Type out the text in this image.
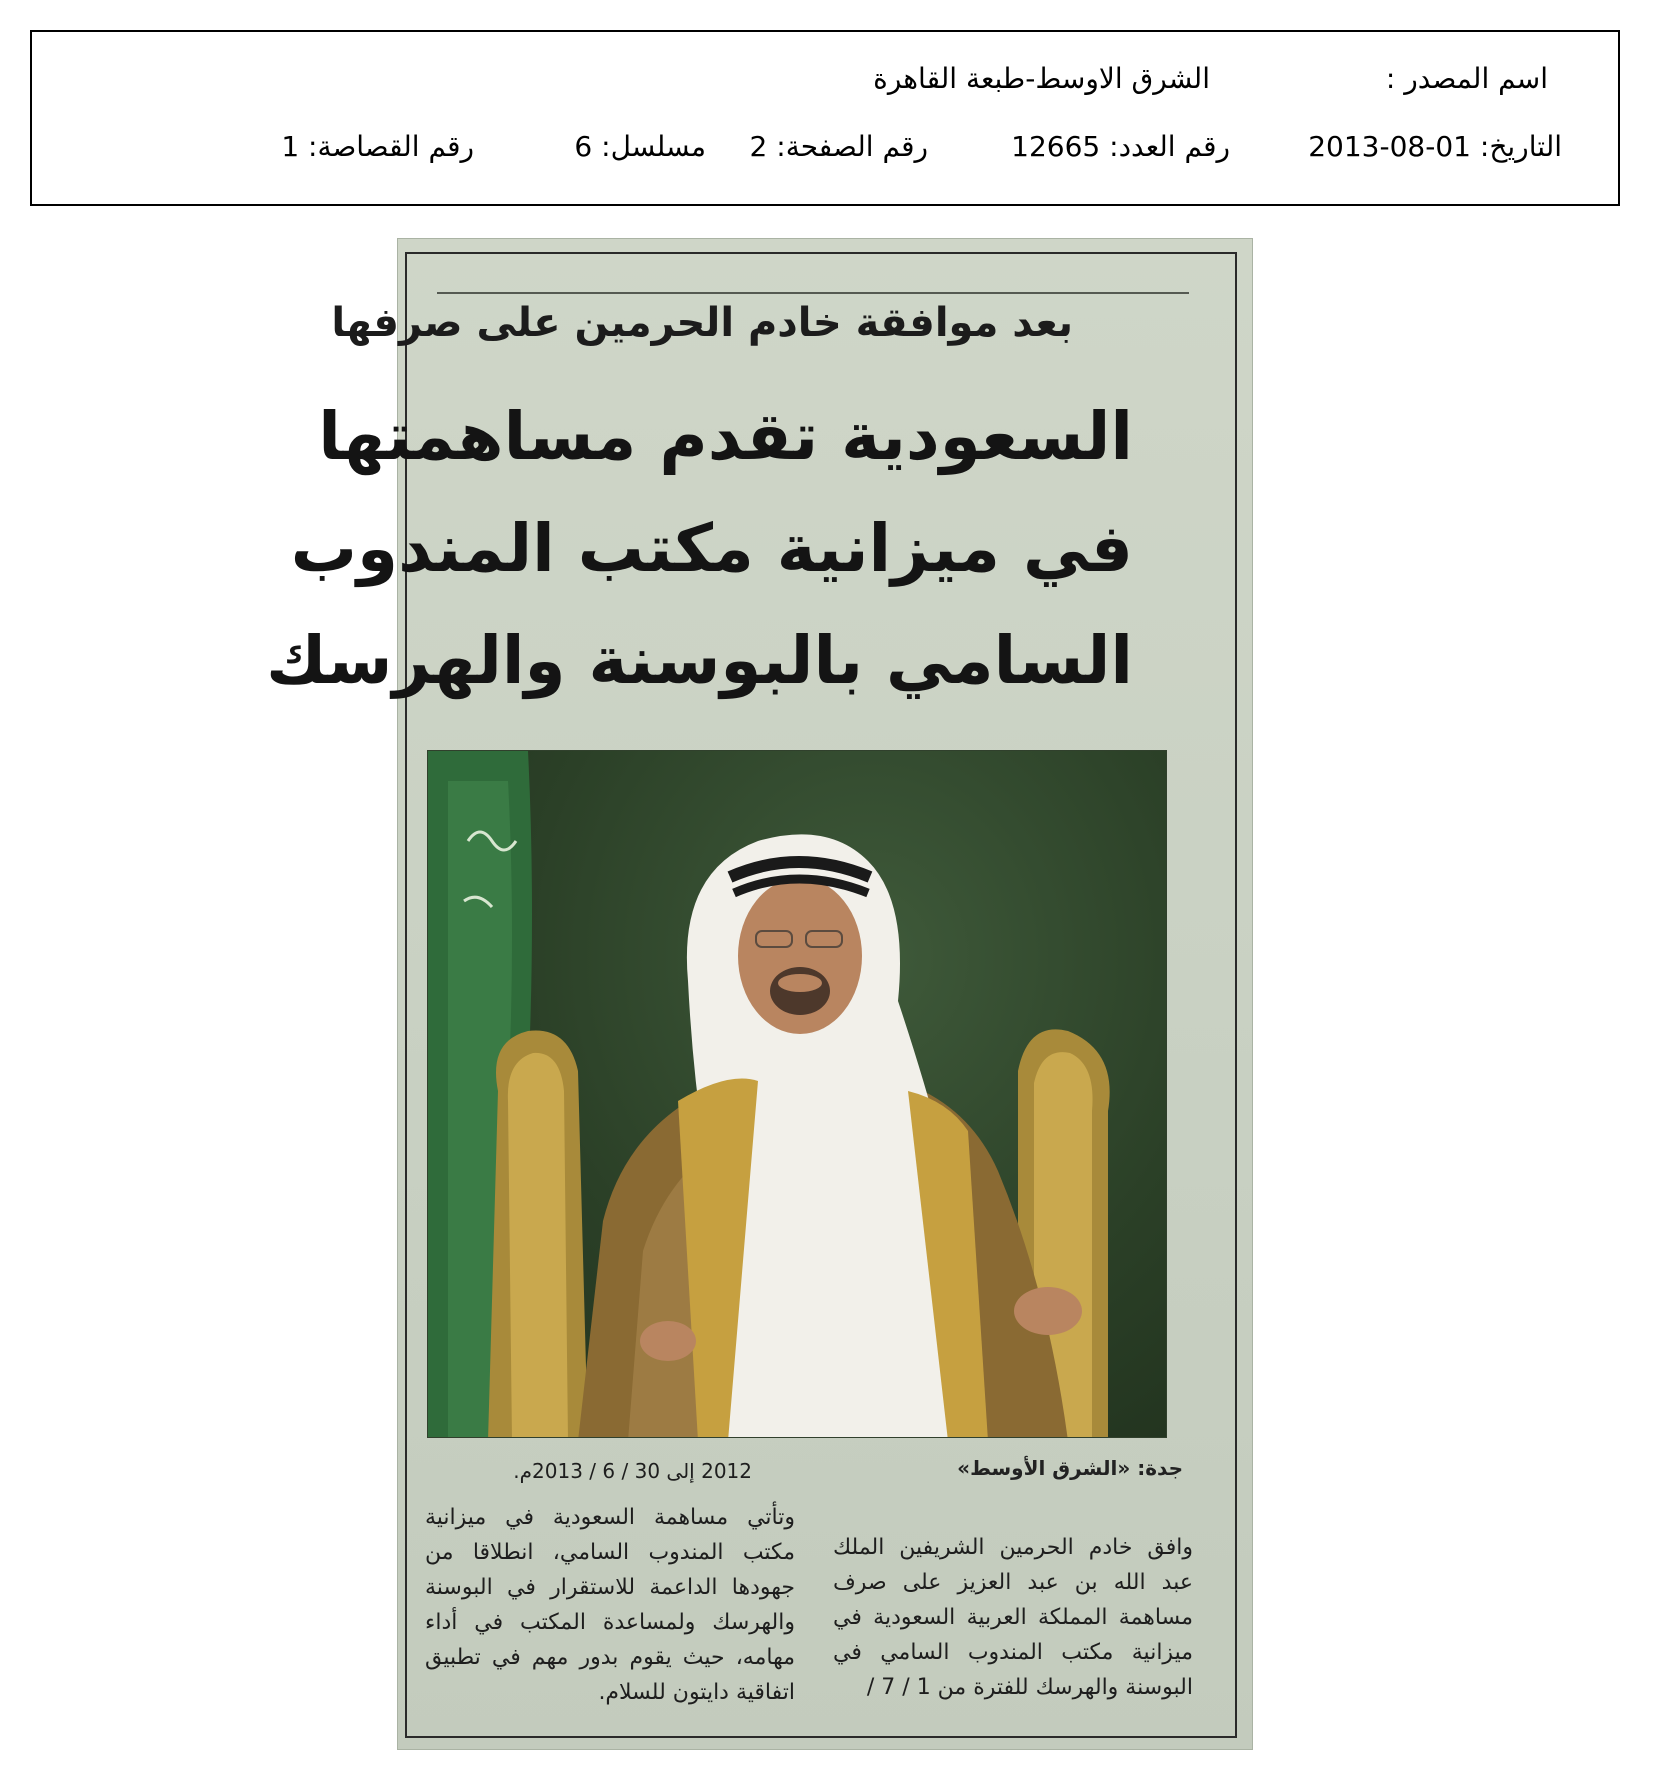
اسم المصدر :
الشرق الاوسط-طبعة القاهرة
التاريخ: 01-08-2013
رقم العدد: 12665
رقم الصفحة: 2
مسلسل: 6
رقم القصاصة: 1
بعد موافقة خادم الحرمين على صرفها
السعودية تقدم مساهمتها
في ميزانية مكتب المندوب
السامي بالبوسنة والهرسك
جدة: «الشرق الأوسط»
وافق خادم الحرمين الشريفين الملك عبد الله بن عبد العزيز على صرف مساهمة المملكة العربية السعودية في ميزانية مكتب المندوب السامي في البوسنة والهرسك للفترة من 1 / 7 /
2012 إلى 30 / 6 / 2013م.
وتأتي مساهمة السعودية في ميزانية مكتب المندوب السامي، انطلاقا من جهودها الداعمة للاستقرار في البوسنة والهرسك ولمساعدة المكتب في أداء مهامه، حيث يقوم بدور مهم في تطبيق اتفاقية دايتون للسلام.
